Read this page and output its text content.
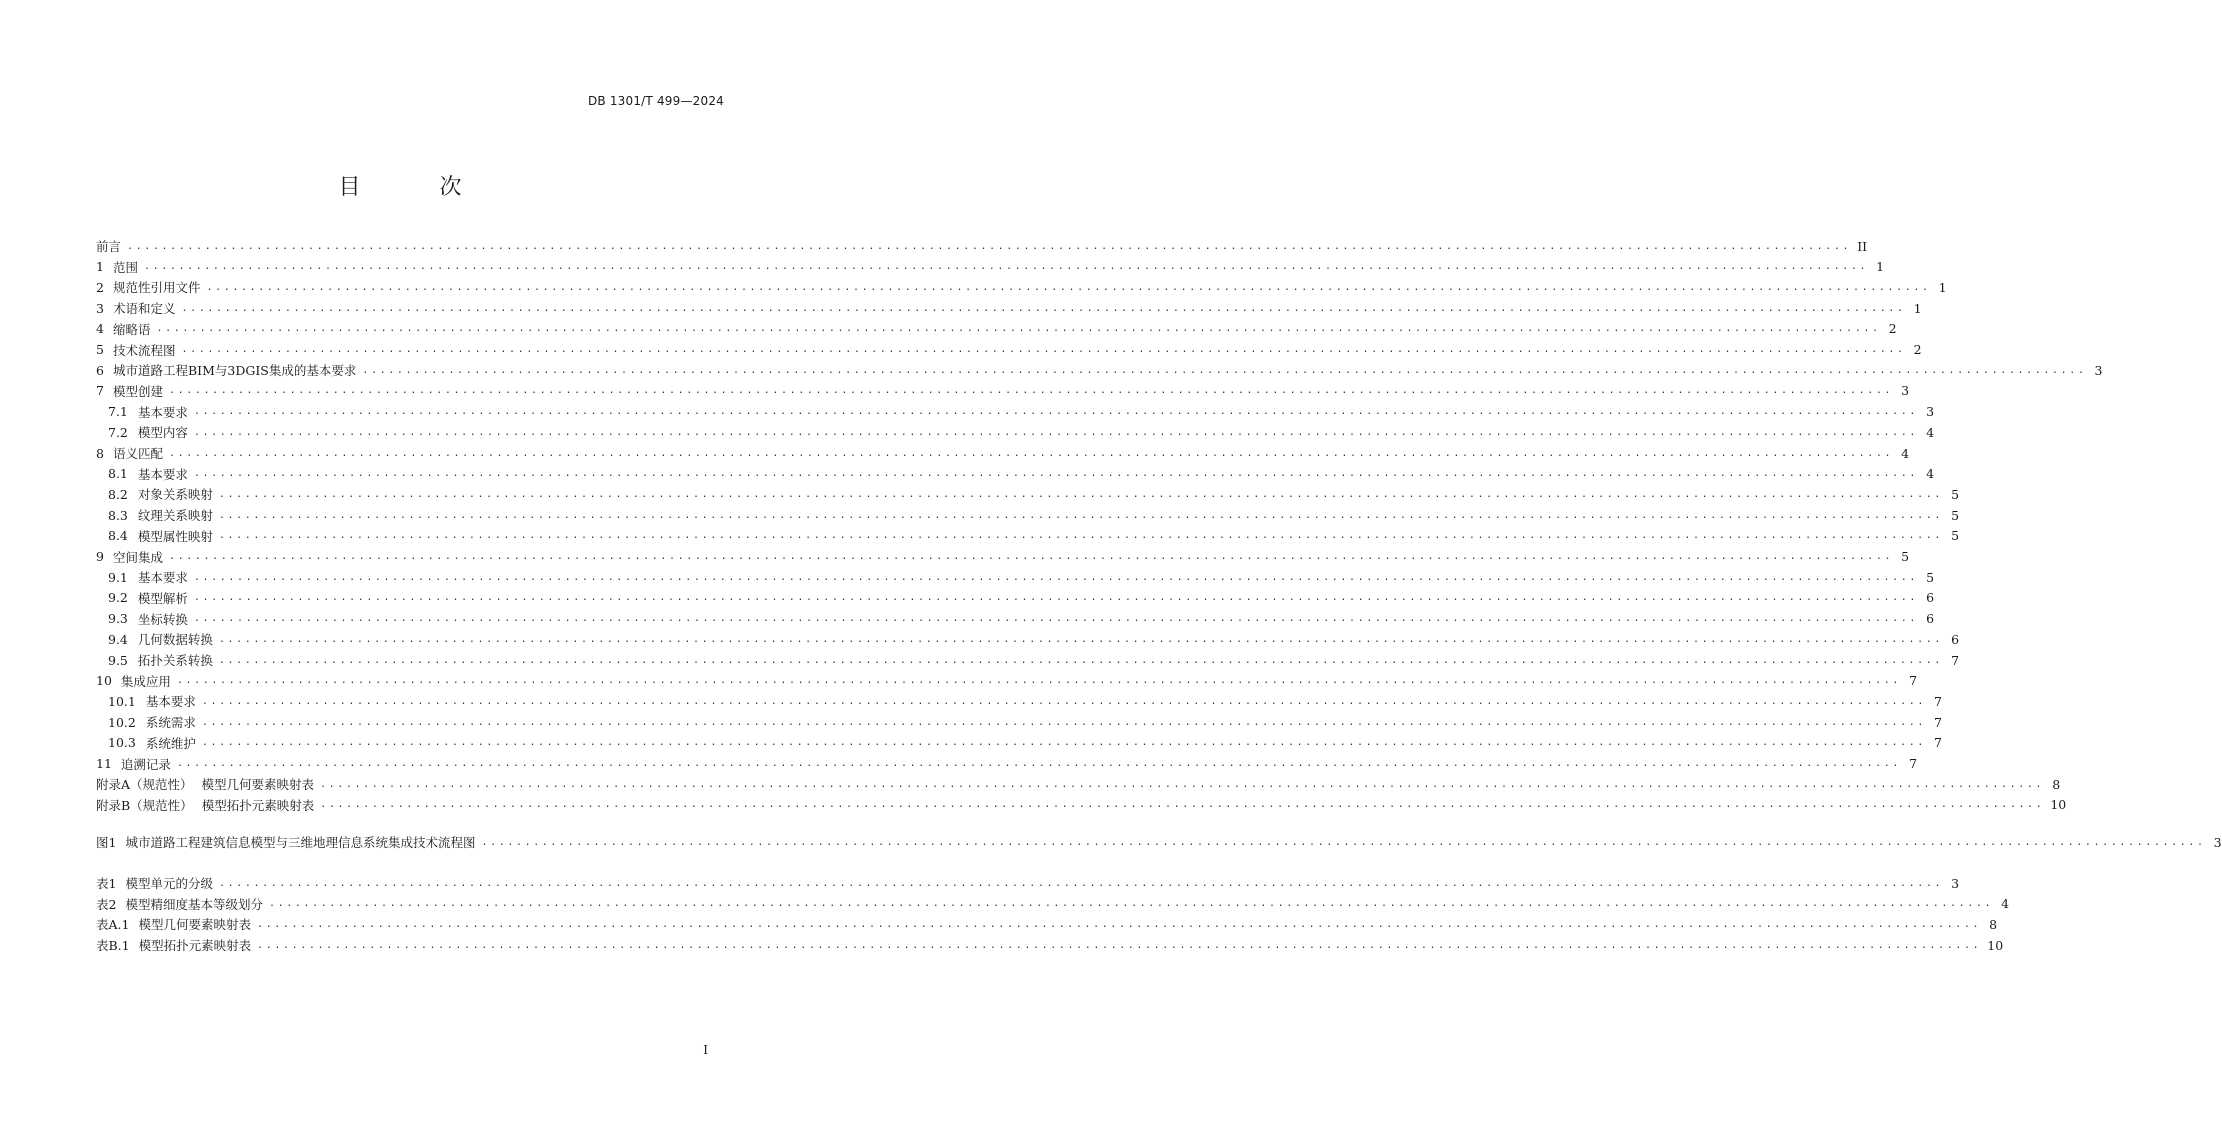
DB 1301/T 499—2024
目 次
前言 ........................................................................................................................................................................................................ II
1 范围 ........................................................................................................................................................................................................ 1
2 规范性引用文件 ........................................................................................................................................................................................................ 1
3 术语和定义 ........................................................................................................................................................................................................ 1
4 缩略语 ........................................................................................................................................................................................................ 2
5 技术流程图 ........................................................................................................................................................................................................ 2
6 城市道路工程BIM与3DGIS集成的基本要求 ........................................................................................................................................................................................................ 3
7 模型创建 ........................................................................................................................................................................................................ 3
7.1 基本要求 ........................................................................................................................................................................................................ 3
7.2 模型内容 ........................................................................................................................................................................................................ 4
8 语义匹配 ........................................................................................................................................................................................................ 4
8.1 基本要求 ........................................................................................................................................................................................................ 4
8.2 对象关系映射 ........................................................................................................................................................................................................ 5
8.3 纹理关系映射 ........................................................................................................................................................................................................ 5
8.4 模型属性映射 ........................................................................................................................................................................................................ 5
9 空间集成 ........................................................................................................................................................................................................ 5
9.1 基本要求 ........................................................................................................................................................................................................ 5
9.2 模型解析 ........................................................................................................................................................................................................ 6
9.3 坐标转换 ........................................................................................................................................................................................................ 6
9.4 几何数据转换 ........................................................................................................................................................................................................ 6
9.5 拓扑关系转换 ........................................................................................................................................................................................................ 7
10 集成应用 ........................................................................................................................................................................................................ 7
10.1 基本要求 ........................................................................................................................................................................................................ 7
10.2 系统需求 ........................................................................................................................................................................................................ 7
10.3 系统维护 ........................................................................................................................................................................................................ 7
11 追溯记录 ........................................................................................................................................................................................................ 7
附录A（规范性） 模型几何要素映射表 ........................................................................................................................................................................................................ 8
附录B（规范性） 模型拓扑元素映射表 ........................................................................................................................................................................................................ 10
图1 城市道路工程建筑信息模型与三维地理信息系统集成技术流程图 ........................................................................................................................................................................................................ 3
表1 模型单元的分级 ........................................................................................................................................................................................................ 3
表2 模型精细度基本等级划分 ........................................................................................................................................................................................................ 4
表A.1 模型几何要素映射表 ........................................................................................................................................................................................................ 8
表B.1 模型拓扑元素映射表 ........................................................................................................................................................................................................ 10
I
